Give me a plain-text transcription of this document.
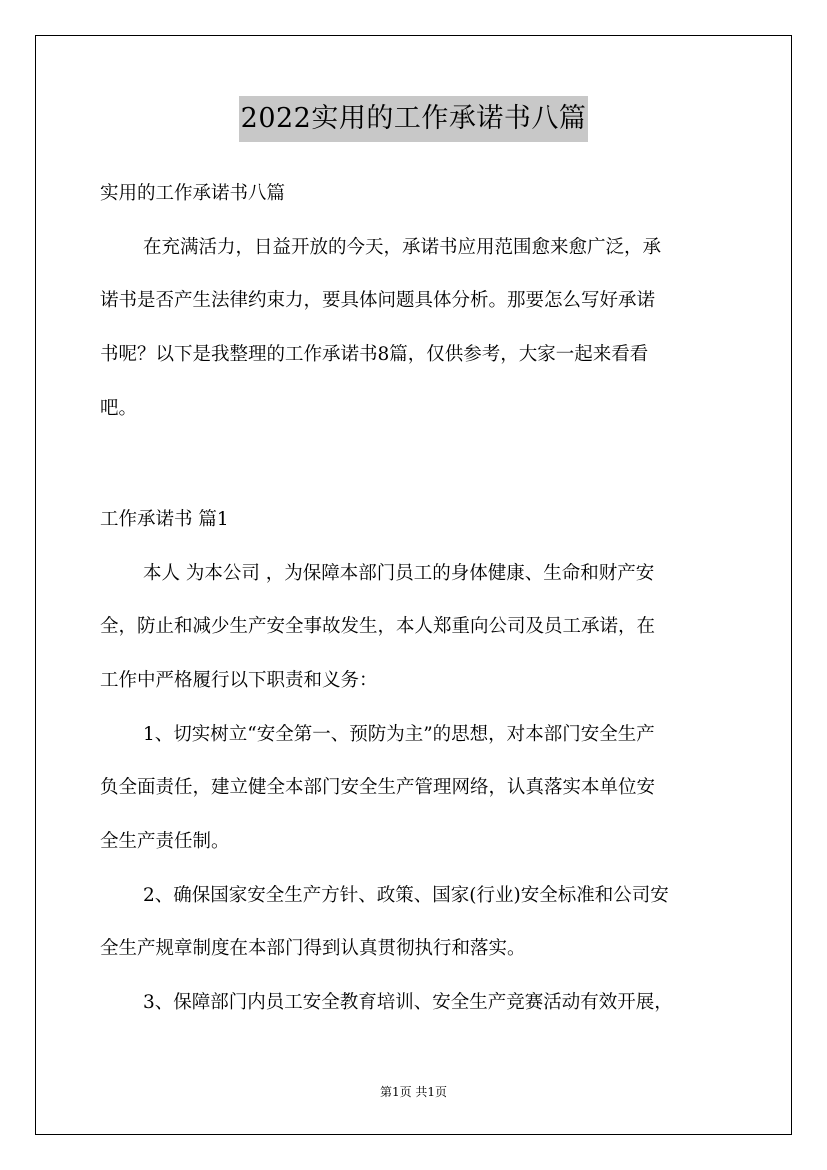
2022实用的工作承诺书八篇
实用的工作承诺书八篇
在充满活力，日益开放的今天，承诺书应用范围愈来愈广泛，承
诺书是否产生法律约束力，要具体问题具体分析。那要怎么写好承诺
书呢？以下是我整理的工作承诺书8篇，仅供参考，大家一起来看看
吧。
工作承诺书 篇1
本人 为本公司 ，为保障本部门员工的身体健康、生命和财产安
全，防止和减少生产安全事故发生，本人郑重向公司及员工承诺，在
工作中严格履行以下职责和义务：
1、切实树立“安全第一、预防为主”的思想，对本部门安全生产
负全面责任，建立健全本部门安全生产管理网络，认真落实本单位安
全生产责任制。
2、确保国家安全生产方针、政策、国家(行业)安全标准和公司安
全生产规章制度在本部门得到认真贯彻执行和落实。
3、保障部门内员工安全教育培训、安全生产竞赛活动有效开展，
第1页 共1页
